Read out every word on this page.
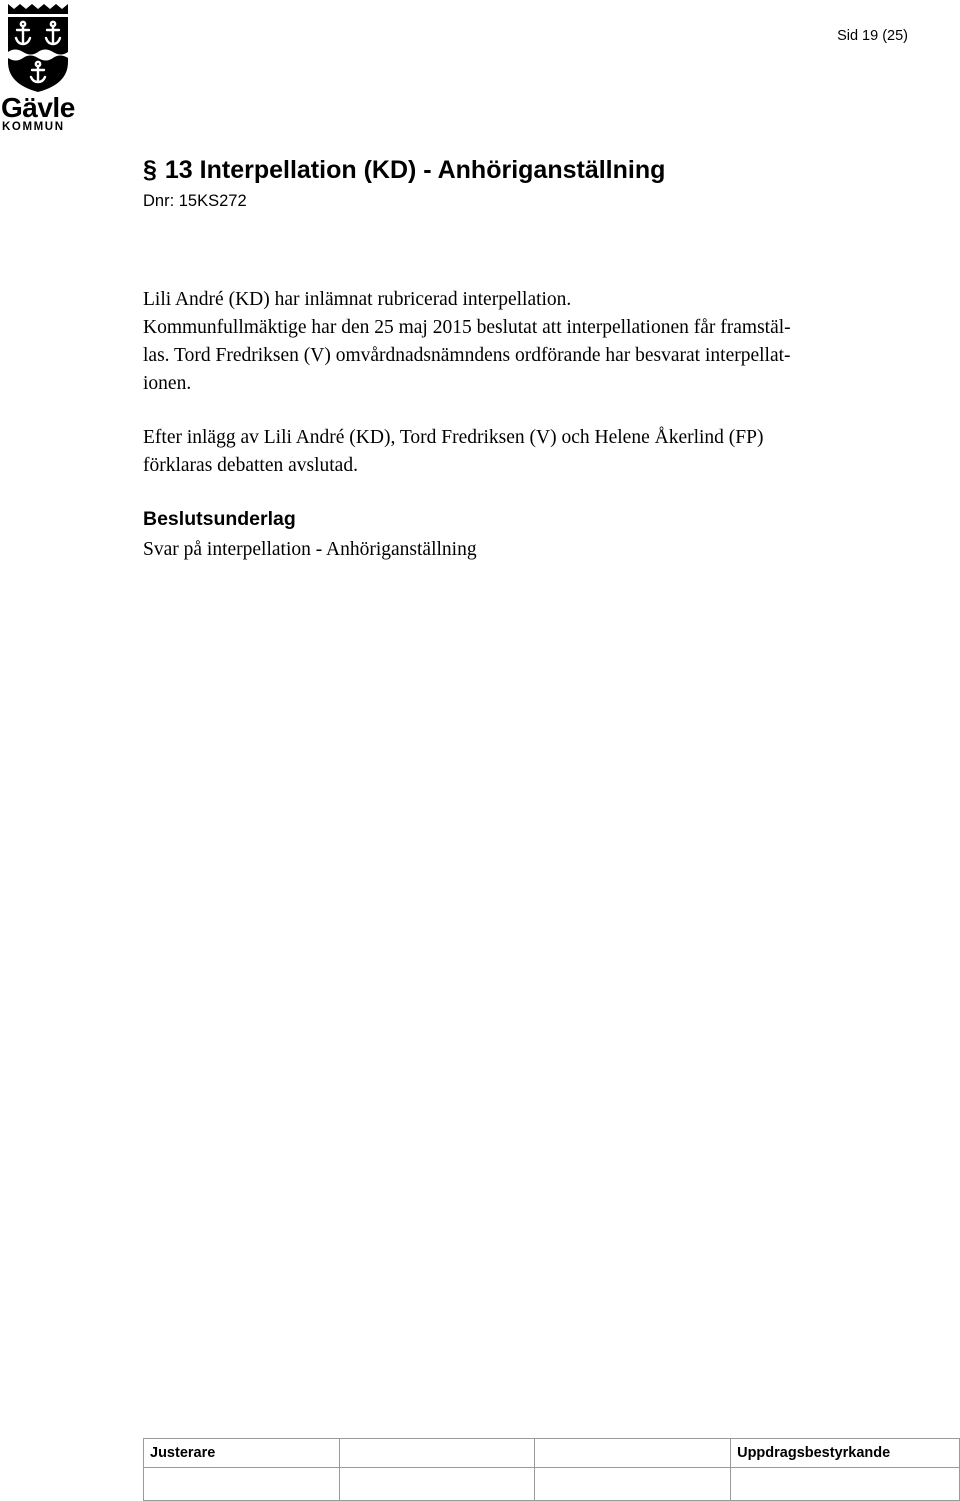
Gävle
KOMMUN
Sid 19 (25)
§ 13 Interpellation (KD) - Anhöriganställning
Dnr: 15KS272
Lili André (KD) har inlämnat rubricerad interpellation.
Kommunfullmäktige har den 25 maj 2015 beslutat att interpellationen får framstäl-
las. Tord Fredriksen (V) omvårdnadsnämndens ordförande har besvarat interpellat-
ionen.
Efter inlägg av Lili André (KD), Tord Fredriksen (V) och Helene Åkerlind (FP)
förklaras debatten avslutad.
Beslutsunderlag
Svar på interpellation - Anhöriganställning
Justerare			Uppdragsbestyrkande
